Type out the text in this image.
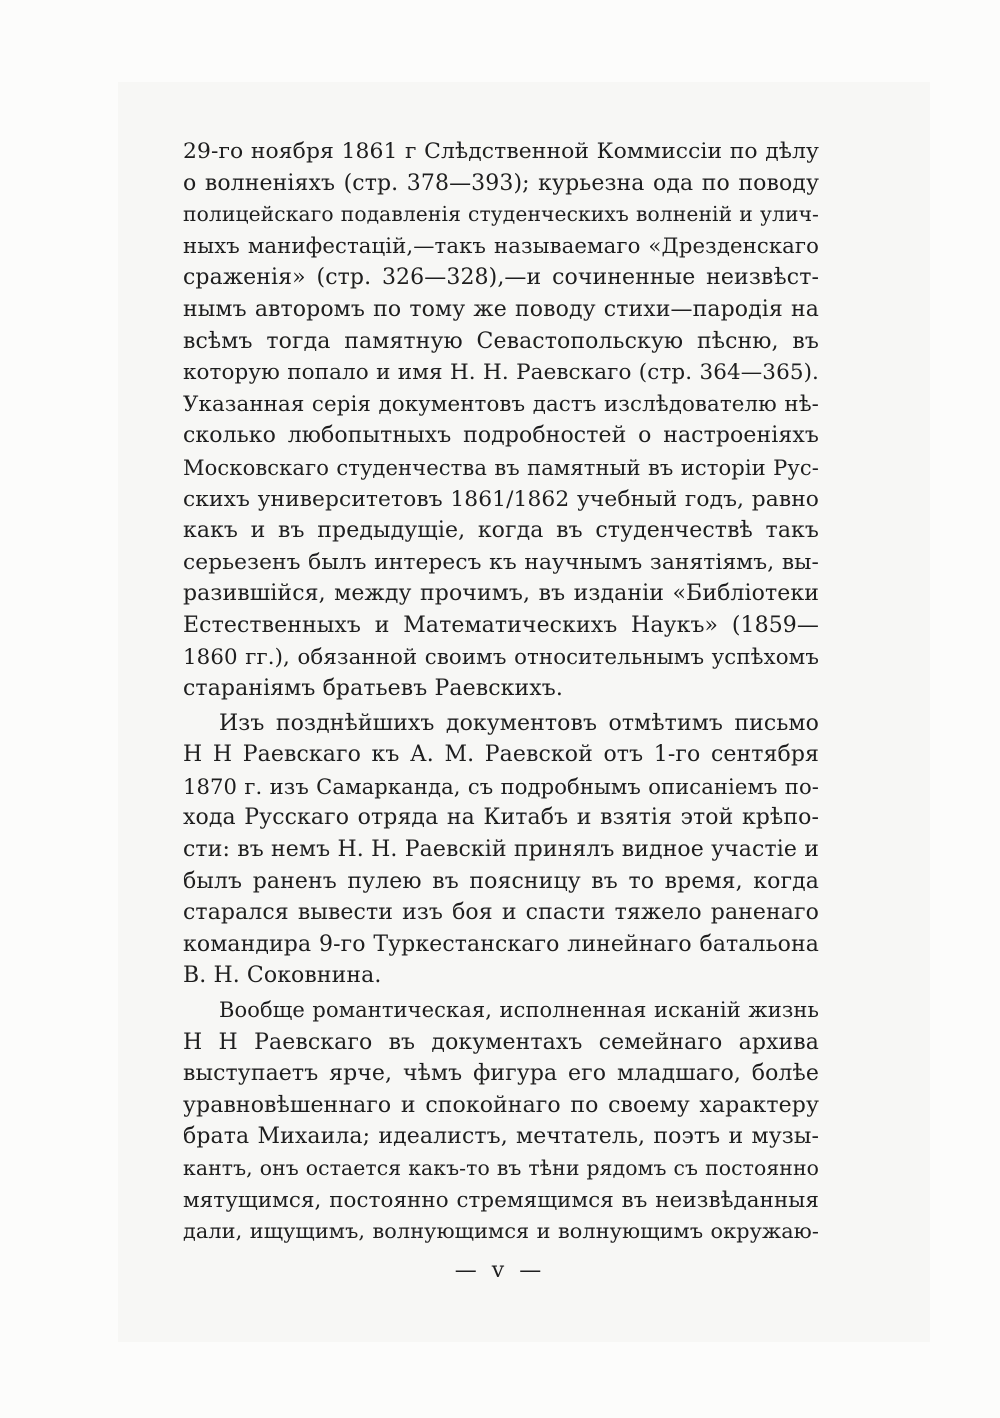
29-го ноября 1861 г Слѣдственной Коммиссіи по дѣлу
о волненіяхъ (стр. 378—393); курьезна ода по поводу
полицейскаго подавленія студенческихъ волненій и улич-
ныхъ манифестацій,—такъ называемаго «Дрезденскаго
сраженія» (стр. 326—328),—и сочиненные неизвѣст-
нымъ авторомъ по тому же поводу стихи—пародія на
всѣмъ тогда памятную Севастопольскую пѣсню, въ
которую попало и имя Н. Н. Раевскаго (стр. 364—365).
Указанная серія документовъ дастъ изслѣдователю нѣ-
сколько любопытныхъ подробностей о настроеніяхъ
Московскаго студенчества въ памятный въ исторіи Рус-
скихъ университетовъ 1861/1862 учебный годъ, равно
какъ и въ предыдущіе, когда въ студенчествѣ такъ
серьезенъ былъ интересъ къ научнымъ занятіямъ, вы-
разившійся, между прочимъ, въ изданіи «Библіотеки
Естественныхъ и Математическихъ Наукъ» (1859—
1860 гг.), обязанной своимъ относительнымъ успѣхомъ
стараніямъ братьевъ Раевскихъ.
Изъ позднѣйшихъ документовъ отмѣтимъ письмо
Н Н Раевскаго къ А. М. Раевской отъ 1-го сентября
1870 г. изъ Самарканда, съ подробнымъ описаніемъ по-
хода Русскаго отряда на Китабъ и взятія этой крѣпо-
сти: въ немъ Н. Н. Раевскій принялъ видное участіе и
былъ раненъ пулею въ поясницу въ то время, когда
старался вывести изъ боя и спасти тяжело раненаго
командира 9-го Туркестанскаго линейнаго батальона
В. Н. Соковнина.
Вообще романтическая, исполненная исканій жизнь
Н Н Раевскаго въ документахъ семейнаго архива
выступаетъ ярче, чѣмъ фигура его младшаго, болѣе
уравновѣшеннаго и спокойнаго по своему характеру
брата Михаила; идеалистъ, мечтатель, поэтъ и музы-
кантъ, онъ остается какъ-то въ тѣни рядомъ съ постоянно
мятущимся, постоянно стремящимся въ неизвѣданныя
дали, ищущимъ, волнующимся и волнующимъ окружаю-
— v —
